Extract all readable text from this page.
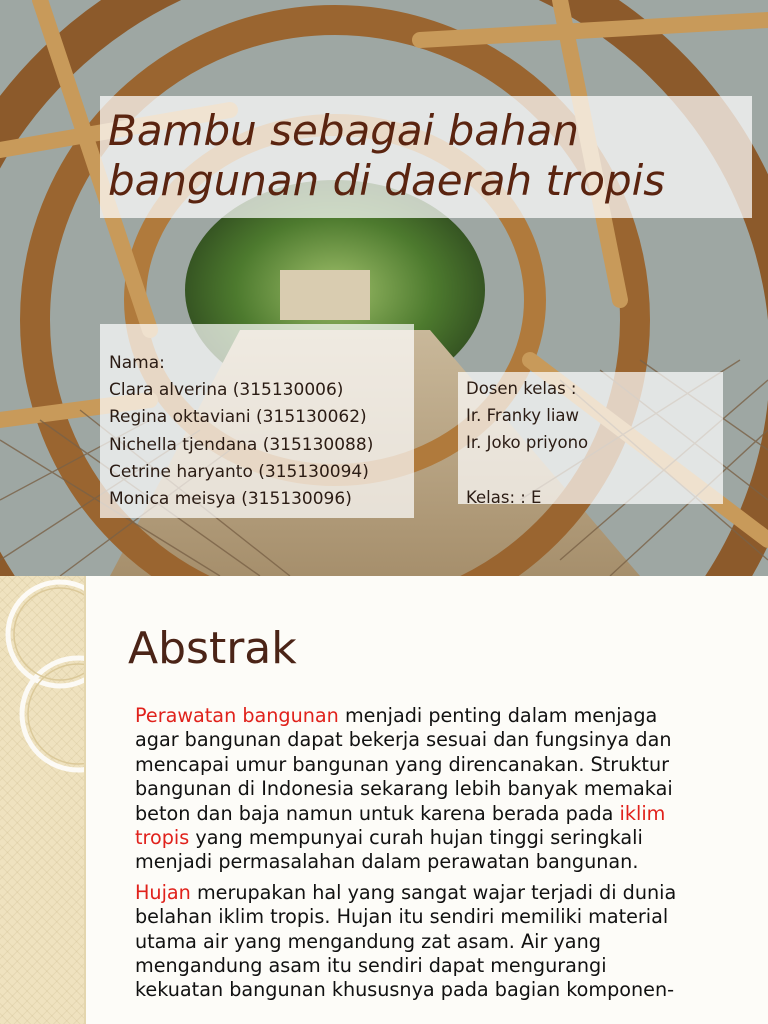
Bambu sebagai bahan
bangunan di daerah tropis
Nama:
Clara alverina (315130006)
Regina oktaviani (315130062)
Nichella tjendana (315130088)
Cetrine haryanto (315130094)
Monica meisya (315130096)
Dosen kelas :
Ir. Franky liaw
Ir. Joko priyono
Kelas: : E
Abstrak
Perawatan bangunan menjadi penting dalam menjaga
agar bangunan dapat bekerja sesuai dan fungsinya dan
mencapai umur bangunan yang direncanakan. Struktur
bangunan di Indonesia sekarang lebih banyak memakai
beton dan baja namun untuk karena berada pada iklim
tropis yang mempunyai curah hujan tinggi seringkali
menjadi permasalahan dalam perawatan bangunan.
Hujan merupakan hal yang sangat wajar terjadi di dunia
belahan iklim tropis. Hujan itu sendiri memiliki material
utama air yang mengandung zat asam. Air yang
mengandung asam itu sendiri dapat mengurangi
kekuatan bangunan khususnya pada bagian komponen-
